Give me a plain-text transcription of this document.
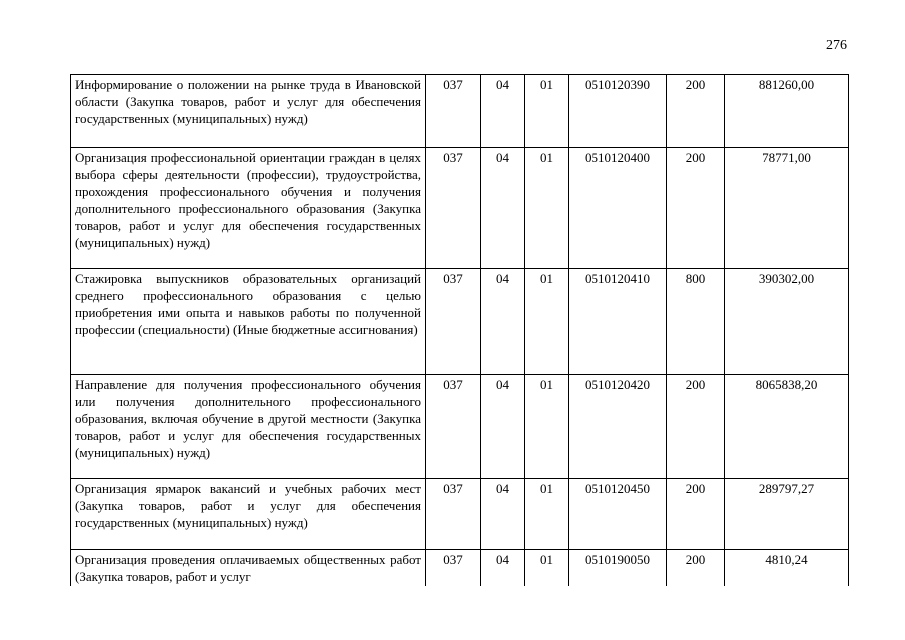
276
Информирование о положении на рынке труда в Ивановской области (Закупка товаров, работ и услуг для обеспечения государственных (муниципальных) нужд)	037	04	01	0510120390	200	881260,00
Организация профессиональной ориентации граждан в целях выбора сферы деятельности (профессии), трудоустройства, прохождения профессионального обучения и получения дополнительного профессионального образования (Закупка товаров, работ и услуг для обеспечения государственных (муниципальных) нужд)	037	04	01	0510120400	200	78771,00
Стажировка выпускников образовательных организаций среднего профессионального образования с целью приобретения ими опыта и навыков работы по полученной профессии (специальности) (Иные бюджетные ассигнования)	037	04	01	0510120410	800	390302,00
Направление для получения профессионального обучения или получения дополнительного профессионального образования, включая обучение в другой местности (Закупка товаров, работ и услуг для обеспечения государственных (муниципальных) нужд)	037	04	01	0510120420	200	8065838,20
Организация ярмарок вакансий и учебных рабочих мест (Закупка товаров, работ и услуг для обеспечения государственных (муниципальных) нужд)	037	04	01	0510120450	200	289797,27
Организация проведения оплачиваемых общественных работ (Закупка товаров, работ и услуг	037	04	01	0510190050	200	4810,24
